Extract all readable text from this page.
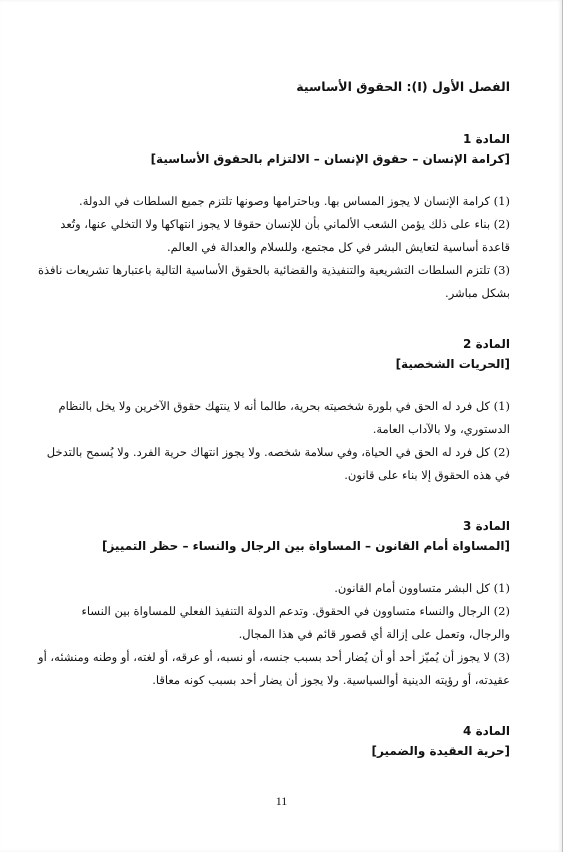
الفصل الأول (I): الحقوق الأساسية
المادة 1
[كرامة الإنسان – حقوق الإنسان – الالتزام بالحقوق الأساسية]

(1) كرامة الإنسان لا يجوز المساس بها. وباحترامها وصونها تلتزم جميع السلطات في الدولة.

(2) بناء على ذلك يؤمن الشعب الألماني بأن للإنسان حقوقا لا يجوز انتهاكها ولا التخلي عنها، وتُعد قاعدة أساسية لتعايش البشر في كل مجتمع، وللسلام والعدالة في العالم.

(3) تلتزم السلطات التشريعية والتنفيذية والقضائية بالحقوق الأساسية التالية باعتبارها تشريعات نافذة بشكل مباشر.

المادة 2
[الحريات الشخصية]

(1) كل فرد له الحق في بلورة شخصيته بحرية، طالما أنه لا ينتهك حقوق الآخرين ولا يخل بالنظام الدستوري، ولا بالآداب العامة.

(2) كل فرد له الحق في الحياة، وفي سلامة شخصه. ولا يجوز انتهاك حرية الفرد. ولا يُسمح بالتدخل في هذه الحقوق إلا بناء على قانون.

المادة 3
[المساواة أمام القانون – المساواة بين الرجال والنساء – حظر التمييز]

(1) كل البشر متساوون أمام القانون.

(2) الرجال والنساء متساوون في الحقوق. وتدعم الدولة التنفيذ الفعلي للمساواة بين النساء والرجال، وتعمل على إزالة أي قصور قائم في هذا المجال.

(3) لا يجوز أن يُميّز أحد أو أن يُضار أحد بسبب جنسه، أو نسبه، أو عرقه، أو لغته، أو وطنه ومنشئه، أو عقيدته، أو رؤيته الدينية أوالسياسية. ولا يجوز أن يضار أحد بسبب كونه معاقا.

المادة 4
[حرية العقيدة والضمير]
11
